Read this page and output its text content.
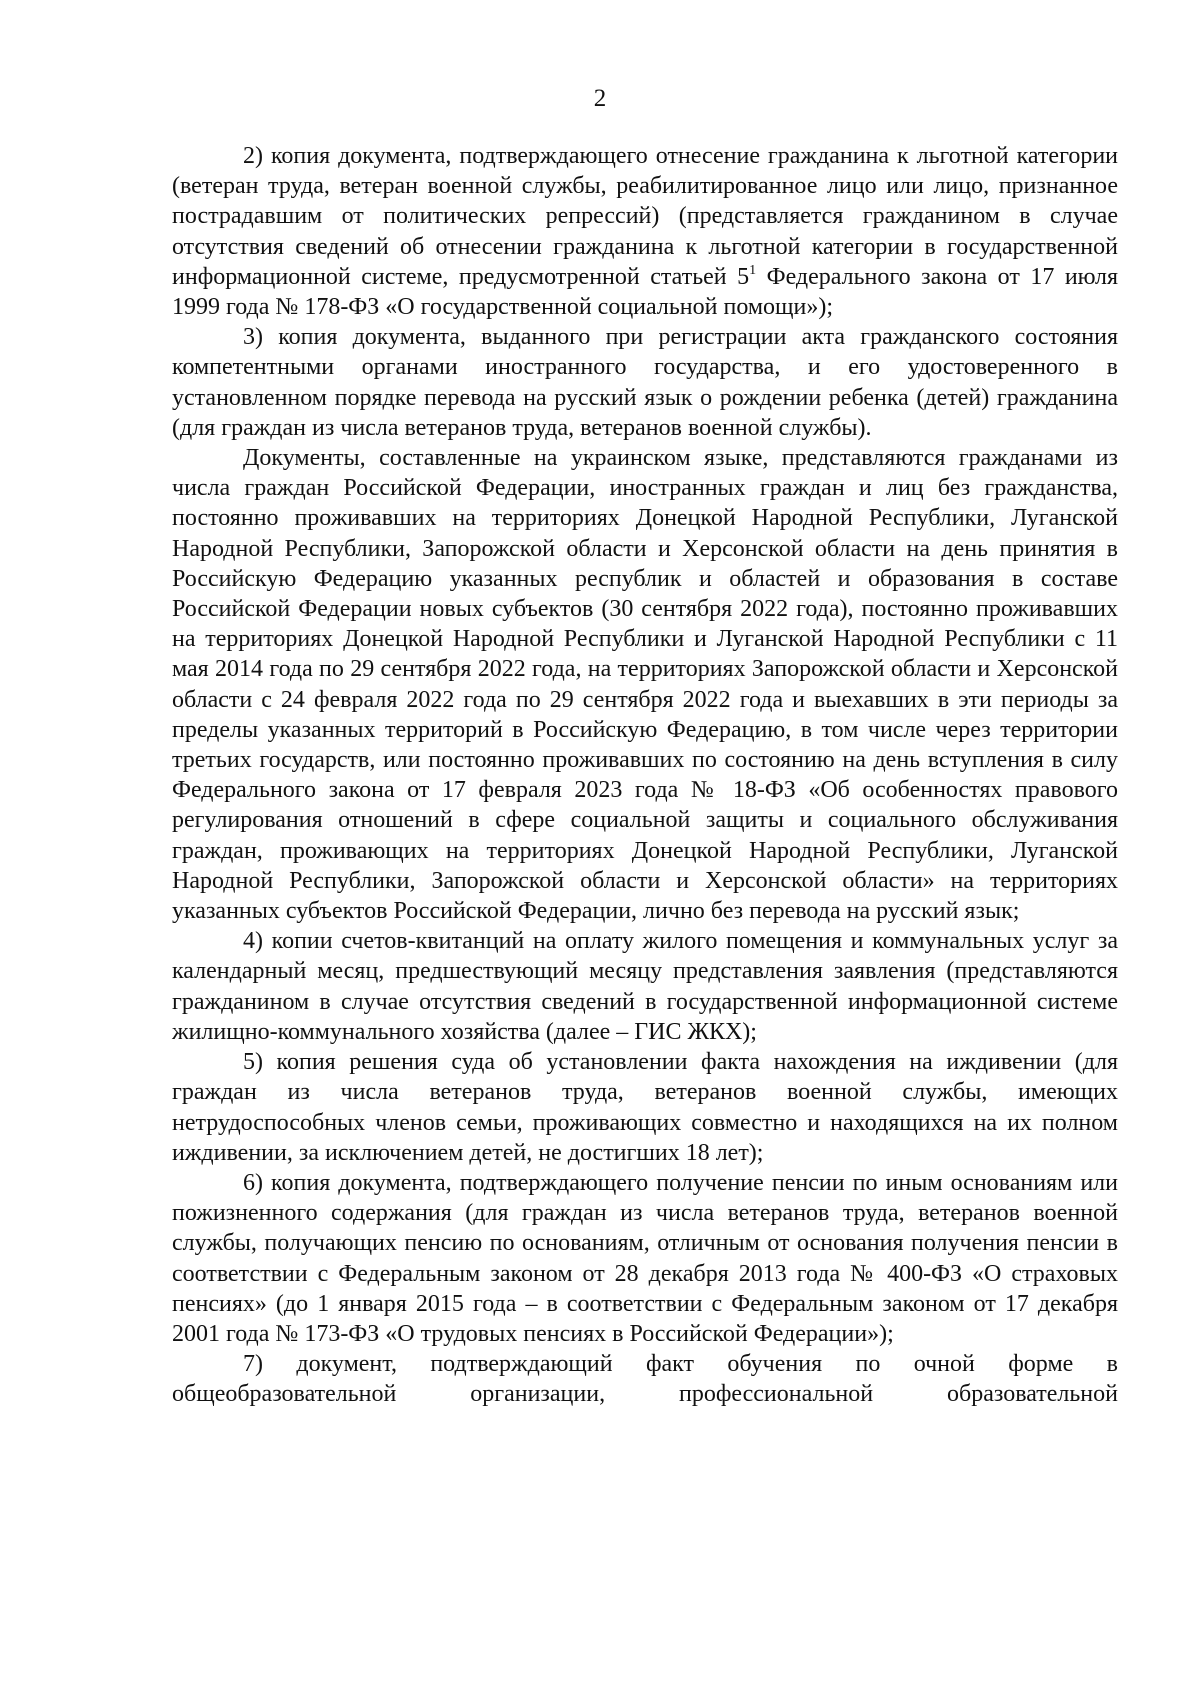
2

2) копия документа, подтверждающего отнесение гражданина к льготной категории (ветеран труда, ветеран военной службы, реабилитированное лицо или лицо, признанное пострадавшим от политических репрессий) (представляется гражданином в случае отсутствия сведений об отнесении гражданина к льготной категории в государственной информационной системе, предусмотренной статьей $5^1$ Федерального закона от 17 июля 1999 года № 178-ФЗ «О государственной социальной помощи»);

3) копия документа, выданного при регистрации акта гражданского состояния компетентными органами иностранного государства, и его удостоверенного в установленном порядке перевода на русский язык о рождении ребенка (детей) гражданина (для граждан из числа ветеранов труда, ветеранов военной службы).

Документы, составленные на украинском языке, представляются гражданами из числа граждан Российской Федерации, иностранных граждан и лиц без гражданства, постоянно проживавших на территориях Донецкой Народной Республики, Луганской Народной Республики, Запорожской области и Херсонской области на день принятия в Российскую Федерацию указанных республик и областей и образования в составе Российской Федерации новых субъектов (30 сентября 2022 года), постоянно проживавших на территориях Донецкой Народной Республики и Луганской Народной Республики с 11 мая 2014 года по 29 сентября 2022 года, на территориях Запорожской области и Херсонской области с 24 февраля 2022 года по 29 сентября 2022 года и выехавших в эти периоды за пределы указанных территорий в Российскую Федерацию, в том числе через территории третьих государств, или постоянно проживавших по состоянию на день вступления в силу Федерального закона от 17 февраля 2023 года № 18-ФЗ «Об особенностях правового регулирования отношений в сфере социальной защиты и социального обслуживания граждан, проживающих на территориях Донецкой Народной Республики, Луганской Народной Республики, Запорожской области и Херсонской области» на территориях указанных субъектов Российской Федерации, лично без перевода на русский язык;

4) копии счетов-квитанций на оплату жилого помещения и коммунальных услуг за календарный месяц, предшествующий месяцу представления заявления (представляются гражданином в случае отсутствия сведений в государственной информационной системе жилищно-коммунального хозяйства (далее – ГИС ЖКХ);

5) копия решения суда об установлении факта нахождения на иждивении (для граждан из числа ветеранов труда, ветеранов военной службы, имеющих нетрудоспособных членов семьи, проживающих совместно и находящихся на их полном иждивении, за исключением детей, не достигших 18 лет);

6) копия документа, подтверждающего получение пенсии по иным основаниям или пожизненного содержания (для граждан из числа ветеранов труда, ветеранов военной службы, получающих пенсию по основаниям, отличным от основания получения пенсии в соответствии с Федеральным законом от 28 декабря 2013 года № 400-ФЗ «О страховых пенсиях» (до 1 января 2015 года – в соответствии с Федеральным законом от 17 декабря 2001 года № 173-ФЗ «О трудовых пенсиях в Российской Федерации»);

7) документ, подтверждающий факт обучения по очной форме в общеобразовательной организации, профессиональной образовательной
